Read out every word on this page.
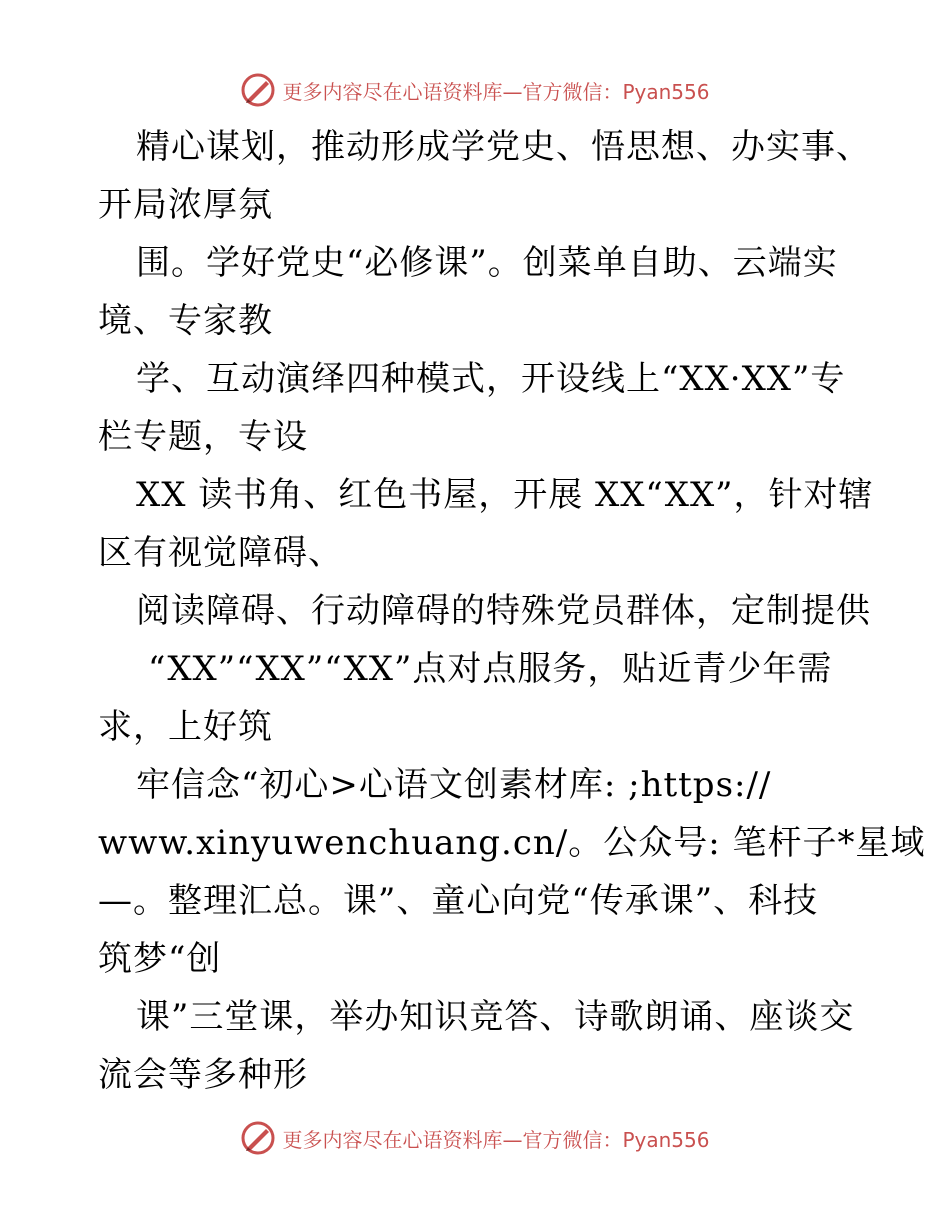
更多内容尽在心语资料库—官方微信：Pyan556
精心谋划，推动形成学党史、悟思想、办实事、
开局浓厚氛
围。学好党史“必修课”。创菜单自助、云端实
境、专家教
学、互动演绎四种模式，开设线上“XX·XX”专
栏专题，专设
XX 读书角、红色书屋，开展 XX“XX”，针对辖
区有视觉障碍、
阅读障碍、行动障碍的特殊党员群体，定制提供
“XX”“XX”“XX”点对点服务，贴近青少年需
求，上好筑
牢信念“初心>心语文创素材库: ;https://
www.xinyuwenchuang.cn/。公众号: 笔杆子*星域
—。整理汇总。课”、童心向党“传承课”、科技
筑梦“创
课”三堂课，举办知识竞答、诗歌朗诵、座谈交
流会等多种形
更多内容尽在心语资料库—官方微信：Pyan556
